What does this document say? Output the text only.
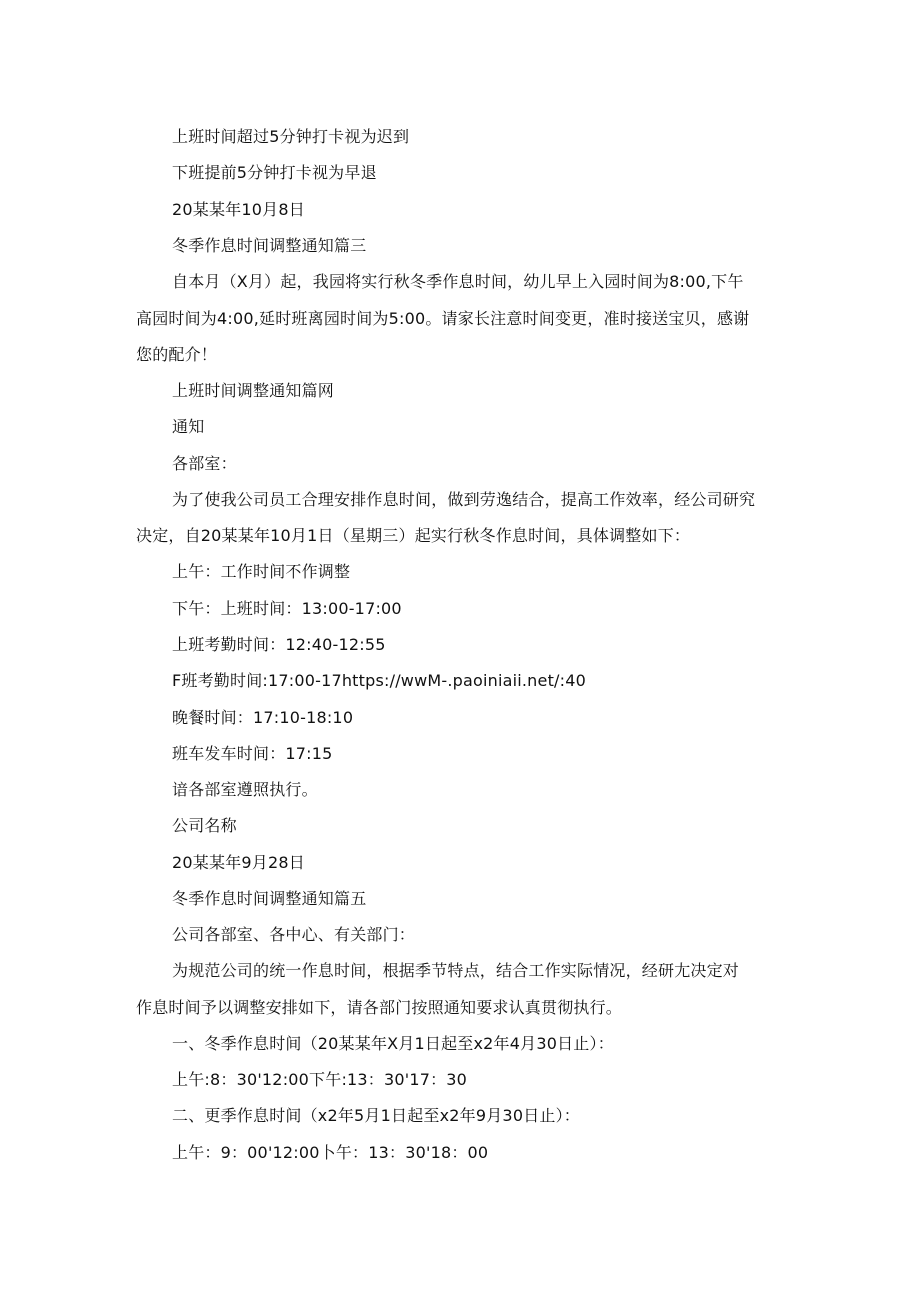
上班时间超过5分钟打卡视为迟到
下班提前5分钟打卡视为早退
20某某年10月8日
冬季作息时间调整通知篇三
自本月（X月）起，我园将实行秋冬季作息时间，幼儿早上入园时间为8:00,下午
高园时间为4:00,延时班离园时间为5:00。请家长注意时间变更，准时接送宝贝，感谢
您的配介！
上班时间调整通知篇网
通知
各部室：
为了使我公司员工合理安排作息时间，做到劳逸结合，提高工作效率，经公司研究
决定，自20某某年10月1日（星期三）起实行秋冬作息时间，具体调整如下：
上午：工作时间不作调整
下午：上班时间：13:00-17:00
上班考勤时间：12:40-12:55
F班考勤时间:17:00-17https://wwM-.paoiniaii.net/:40
晚餐时间：17:10-18:10
班车发车时间：17:15
谙各部室遵照执行。
公司名称
20某某年9月28日
冬季作息时间调整通知篇五
公司各部室、各中心、有关部门：
为规范公司的统一作息时间，根据季节特点，结合工作实际情况，经研尢决定对
作息时间予以调整安排如下，请各部门按照通知要求认真贯彻执行。
一、冬季作息时间（20某某年X月1日起至x2年4月30日止）：
上午:8：30'12:00下午:13：30'17：30
二、更季作息时间（x2年5月1日起至x2年9月30日止）：
上午：9：00'12:00卜午：13：30'18：00
